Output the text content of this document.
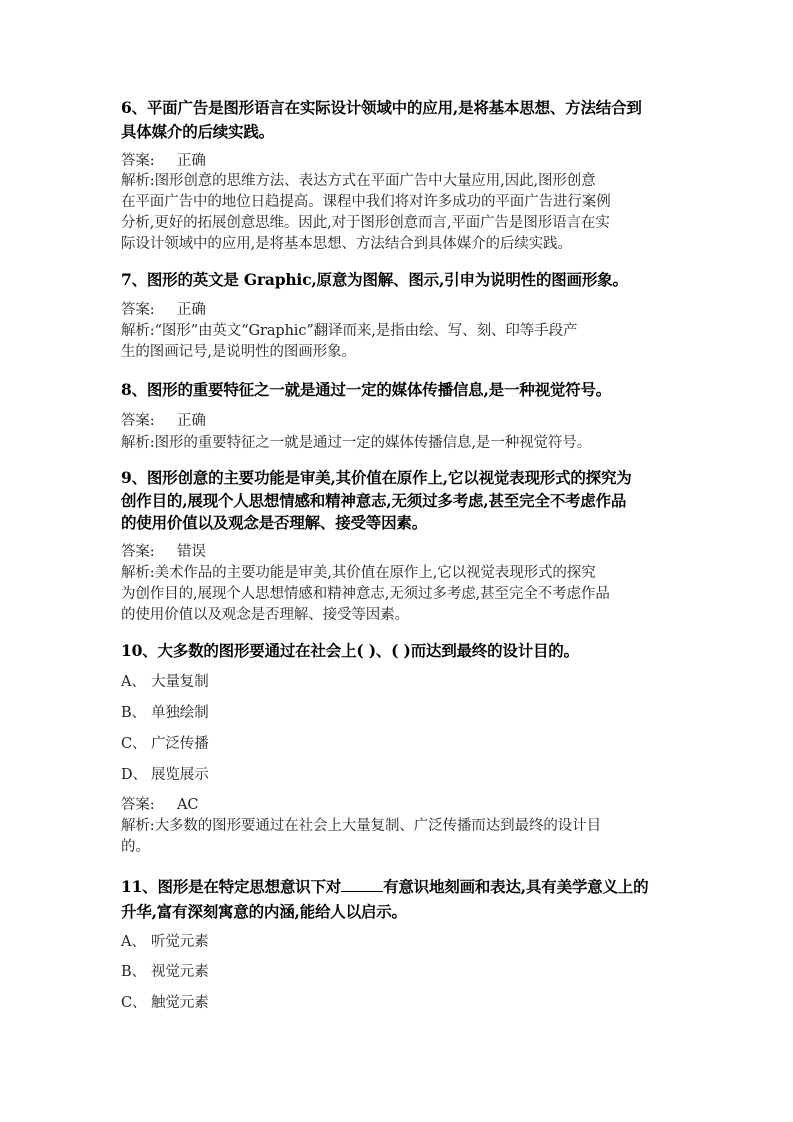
6、平面广告是图形语言在实际设计领域中的应用,是将基本思想、方法结合到
具体媒介的后续实践。
答案: 正确
解析:图形创意的思维方法、表达方式在平面广告中大量应用,因此,图形创意
在平面广告中的地位日趋提高。课程中我们将对许多成功的平面广告进行案例
分析,更好的拓展创意思维。因此,对于图形创意而言,平面广告是图形语言在实
际设计领域中的应用,是将基本思想、方法结合到具体媒介的后续实践。
7、图形的英文是 Graphic,原意为图解、图示,引申为说明性的图画形象。
答案: 正确
解析:“图形”由英文“Graphic”翻译而来,是指由绘、写、刻、印等手段产
生的图画记号,是说明性的图画形象。
8、图形的重要特征之一就是通过一定的媒体传播信息,是一种视觉符号。
答案: 正确
解析:图形的重要特征之一就是通过一定的媒体传播信息,是一种视觉符号。
9、图形创意的主要功能是审美,其价值在原作上,它以视觉表现形式的探究为
创作目的,展现个人思想情感和精神意志,无须过多考虑,甚至完全不考虑作品
的使用价值以及观念是否理解、接受等因素。
答案: 错误
解析:美术作品的主要功能是审美,其价值在原作上,它以视觉表现形式的探究
为创作目的,展现个人思想情感和精神意志,无须过多考虑,甚至完全不考虑作品
的使用价值以及观念是否理解、接受等因素。
10、大多数的图形要通过在社会上( )、( )而达到最终的设计目的。
A、 大量复制
B、 单独绘制
C、 广泛传播
D、 展览展示
答案: AC
解析:大多数的图形要通过在社会上大量复制、广泛传播而达到最终的设计目
的。
11、图形是在特定思想意识下对	有意识地刻画和表达,具有美学意义上的
升华,富有深刻寓意的内涵,能给人以启示。
A、 听觉元素
B、 视觉元素
C、 触觉元素
